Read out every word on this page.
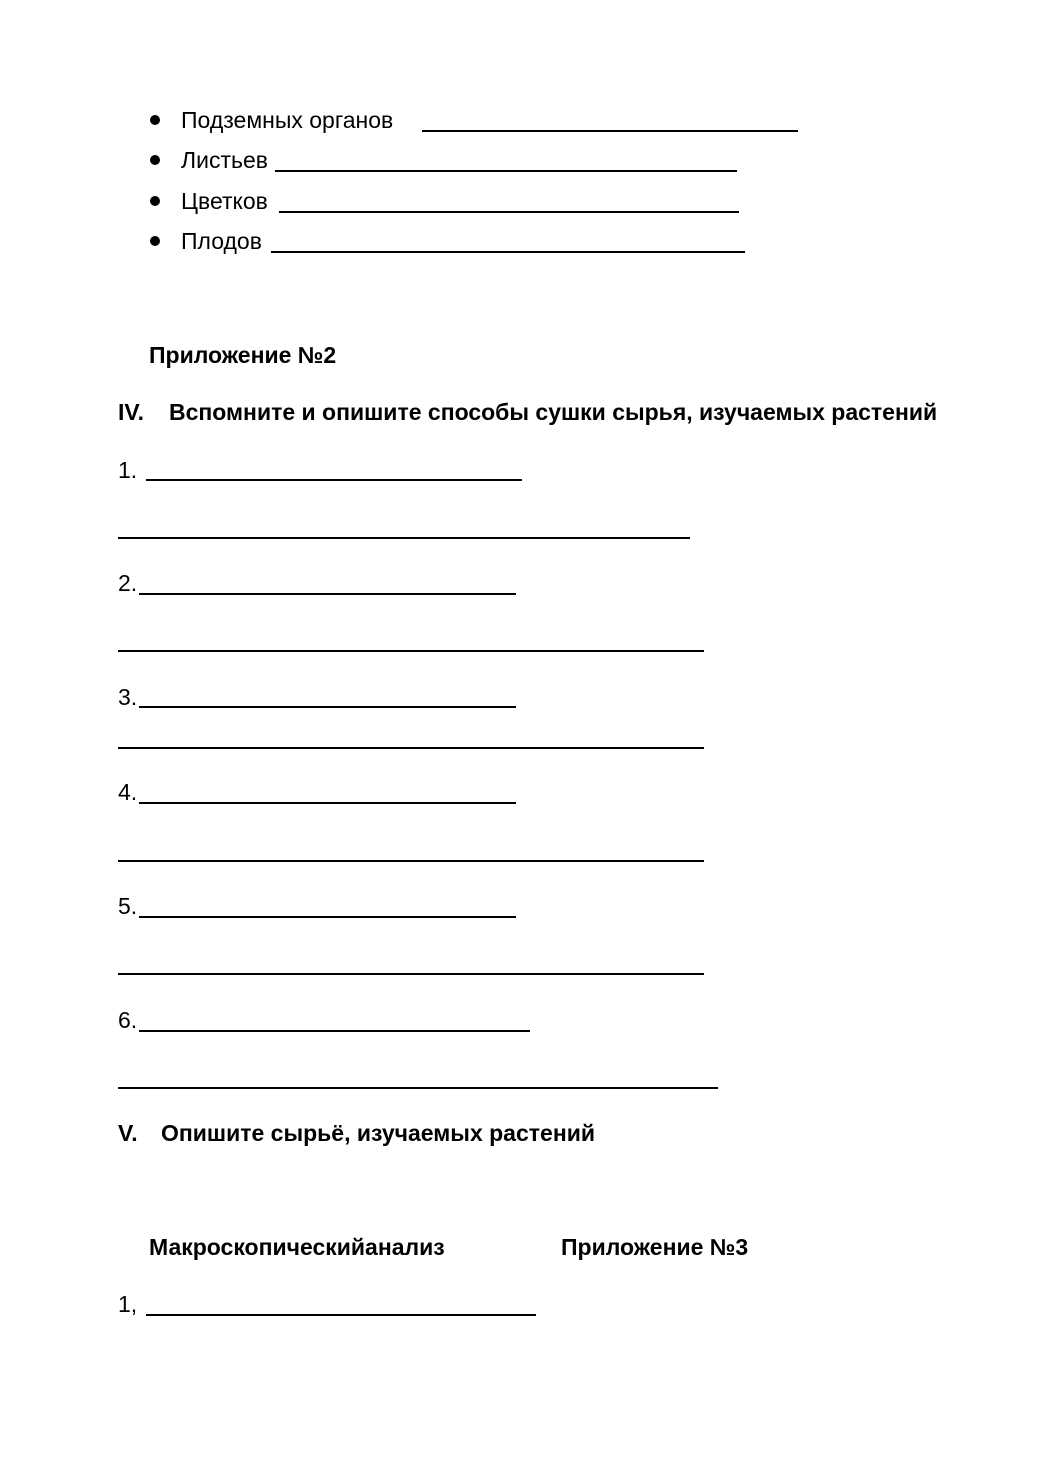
Подземных органов
Листьев
Цветков
Плодов
Приложение №2
IV. Вспомните и опишите способы сушки сырья, изучаемых растений
1.
2.
3.
4.
5.
6.
V. Опишите сырьё, изучаемых растений
Макроскопическийанализ	Приложение №3
1,
